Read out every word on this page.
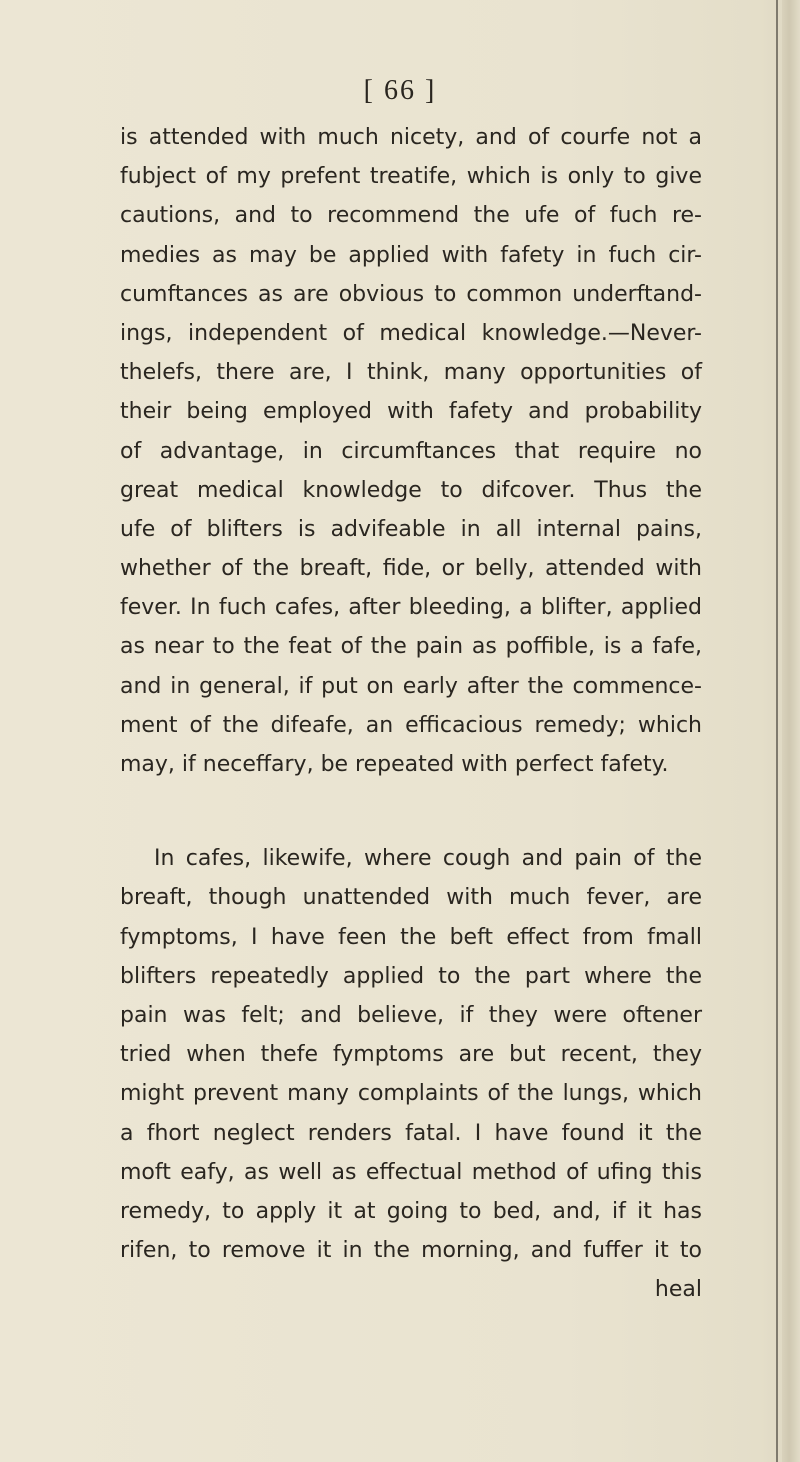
[ 66 ]
is attended with much nicety, and of courfe not a
fubject of my prefent treatife, which is only to give
cautions, and to recommend the ufe of fuch re-
medies as may be applied with fafety in fuch cir-
cumftances as are obvious to common underftand-
ings, independent of medical knowledge.—Never-
thelefs, there are, I think, many opportunities of
their being employed with fafety and probability
of advantage, in circumftances that require no
great medical knowledge to difcover. Thus the
ufe of blifters is advifeable in all internal pains,
whether of the breaft, fide, or belly, attended with
fever. In fuch cafes, after bleeding, a blifter, applied
as near to the feat of the pain as poffible, is a fafe,
and in general, if put on early after the commence-
ment of the difeafe, an efficacious remedy; which
may, if neceffary, be repeated with perfect fafety.
In cafes, likewife, where cough and pain of the
breaft, though unattended with much fever, are
fymptoms, I have feen the beft effect from fmall
blifters repeatedly applied to the part where the
pain was felt; and believe, if they were oftener
tried when thefe fymptoms are but recent, they
might prevent many complaints of the lungs, which
a fhort neglect renders fatal. I have found it the
moft eafy, as well as effectual method of ufing this
remedy, to apply it at going to bed, and, if it has
rifen, to remove it in the morning, and fuffer it to
heal
